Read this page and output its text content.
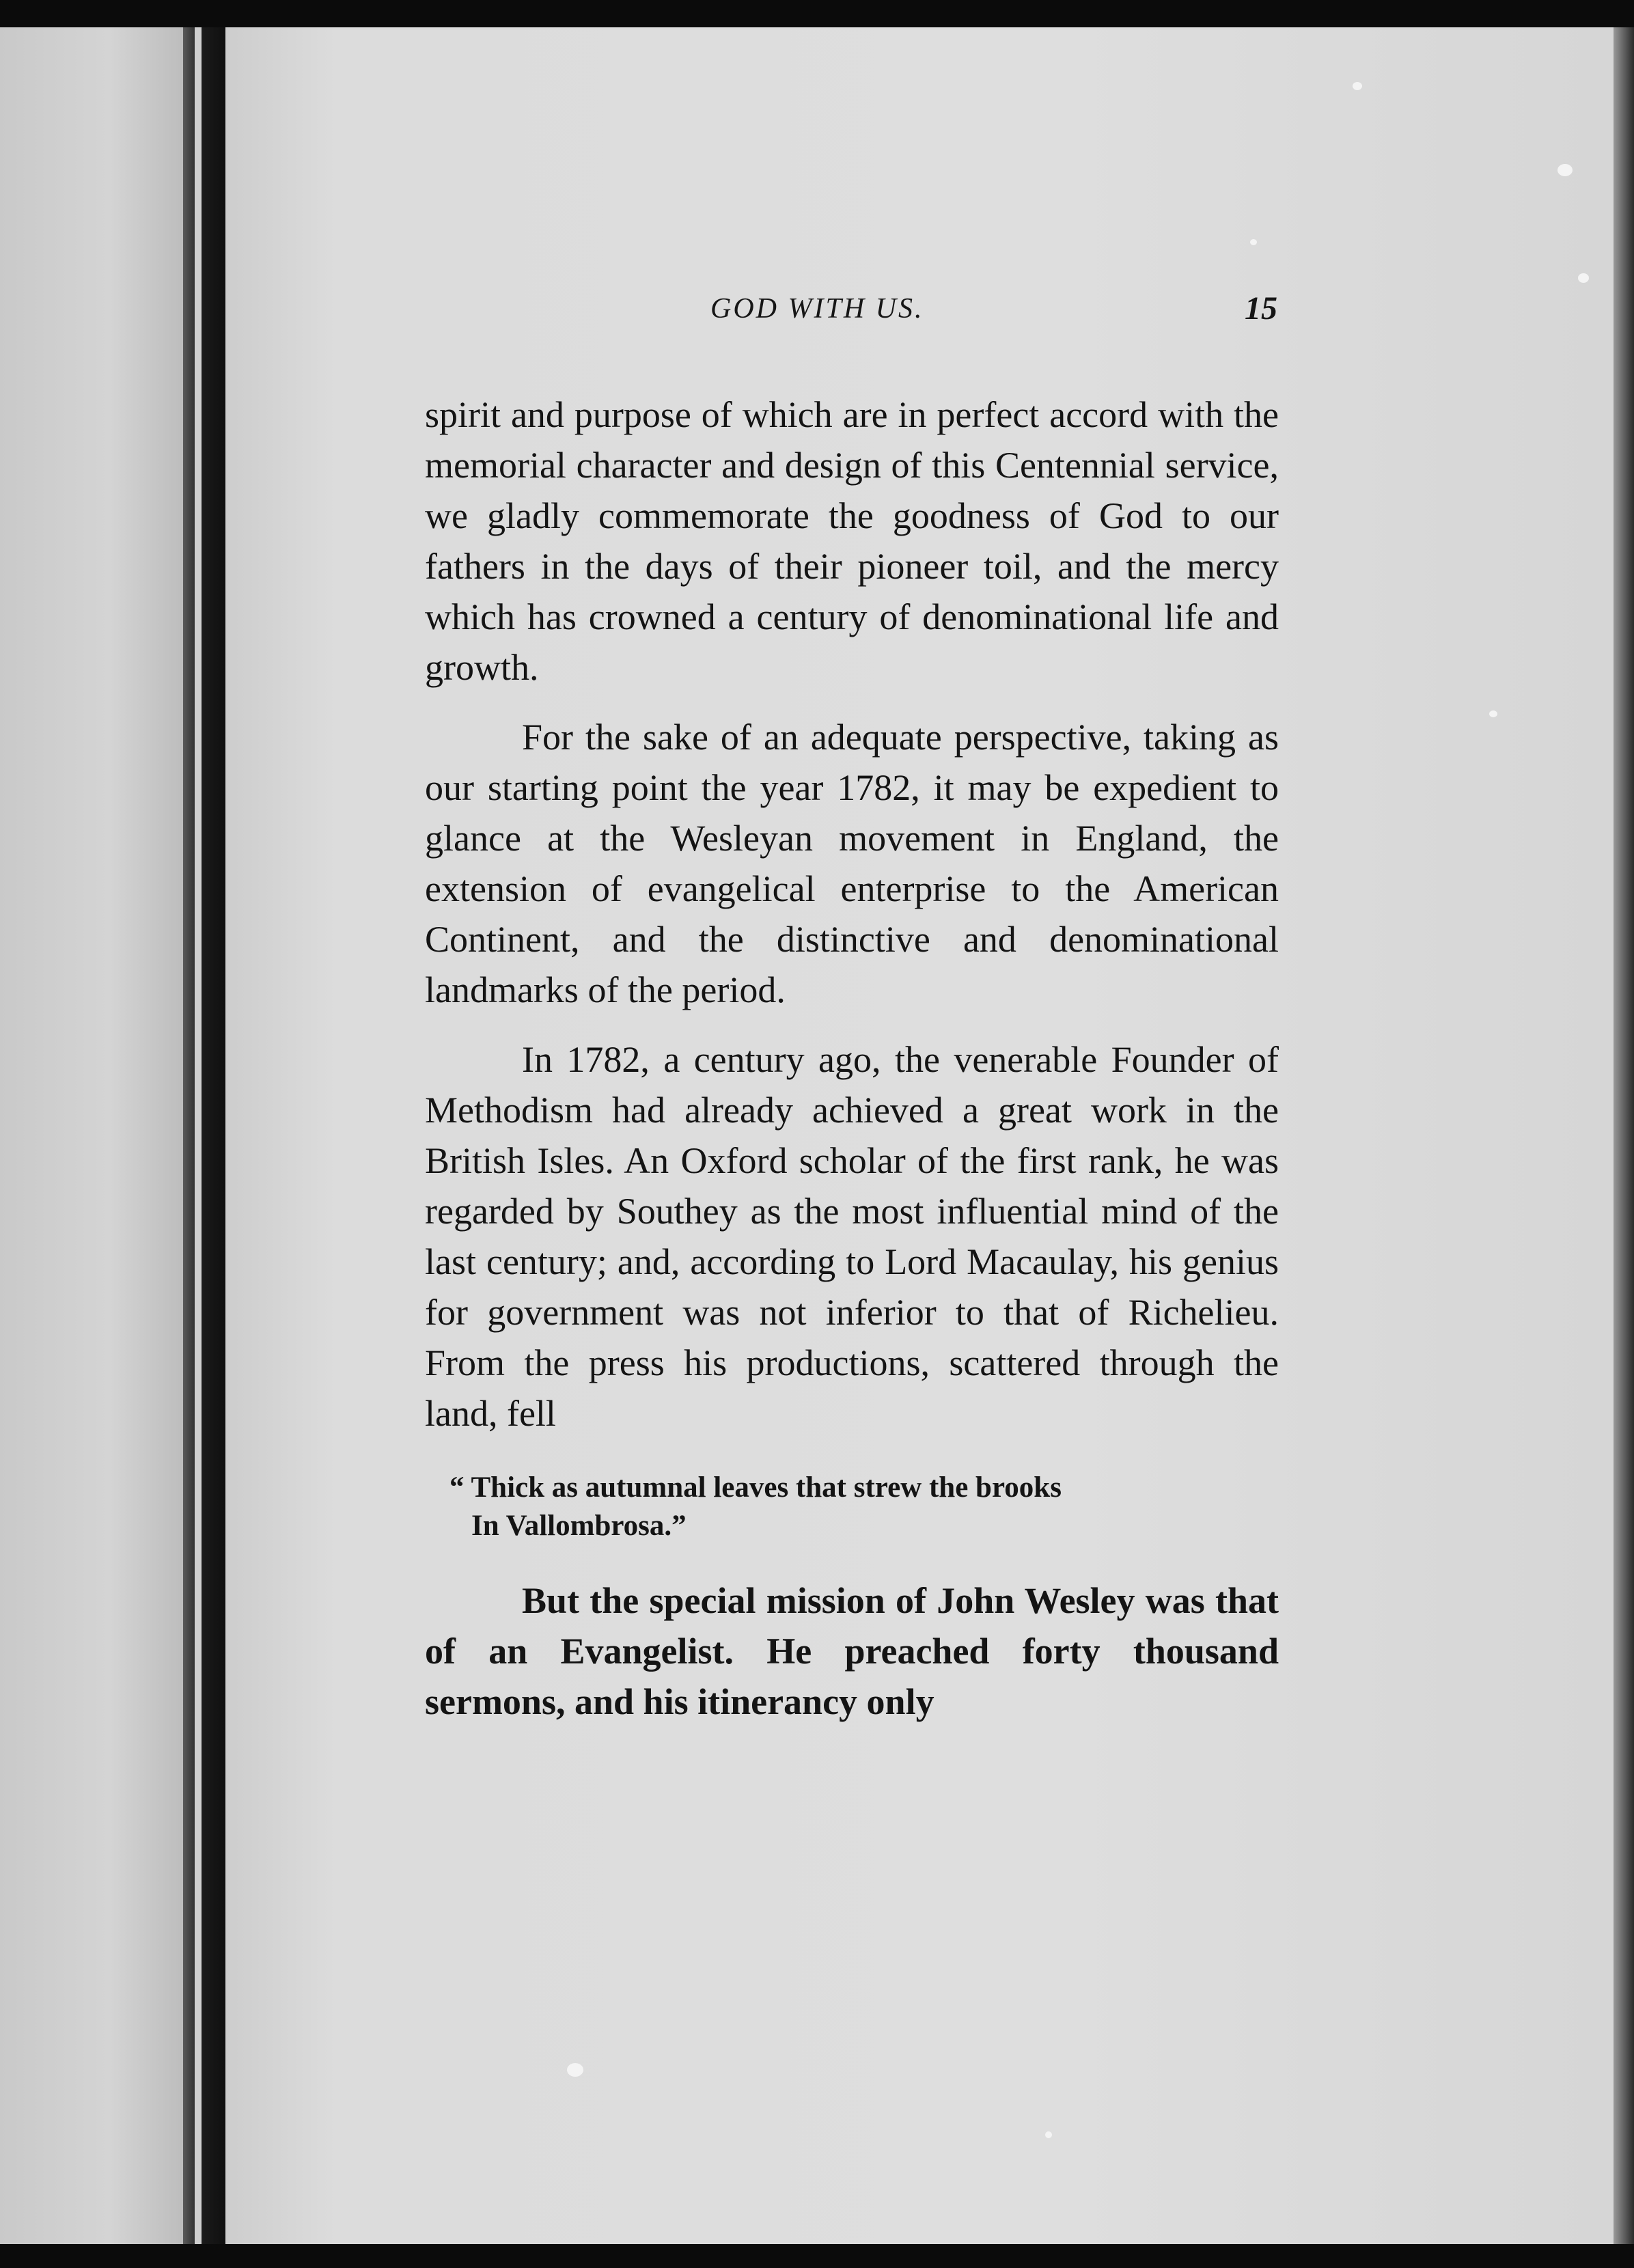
GOD WITH US.	15

spirit and purpose of which are in perfect accord with the memorial character and design of this Centennial service, we gladly commemorate the goodness of God to our fathers in the days of their pioneer toil, and the mercy which has crowned a century of denominational life and growth.

For the sake of an adequate perspective, taking as our starting point the year 1782, it may be expedient to glance at the Wesleyan movement in England, the extension of evangelical enterprise to the American Continent, and the distinctive and denominational landmarks of the period.

In 1782, a century ago, the venerable Founder of Methodism had already achieved a great work in the British Isles. An Oxford scholar of the first rank, he was regarded by Southey as the most influential mind of the last century; and, according to Lord Macaulay, his genius for government was not inferior to that of Richelieu. From the press his productions, scattered through the land, fell

“ Thick as autumnal leaves that strew the brooks
In Vallombrosa.”

But the special mission of John Wesley was that of an Evangelist. He preached forty thousand sermons, and his itinerancy only
